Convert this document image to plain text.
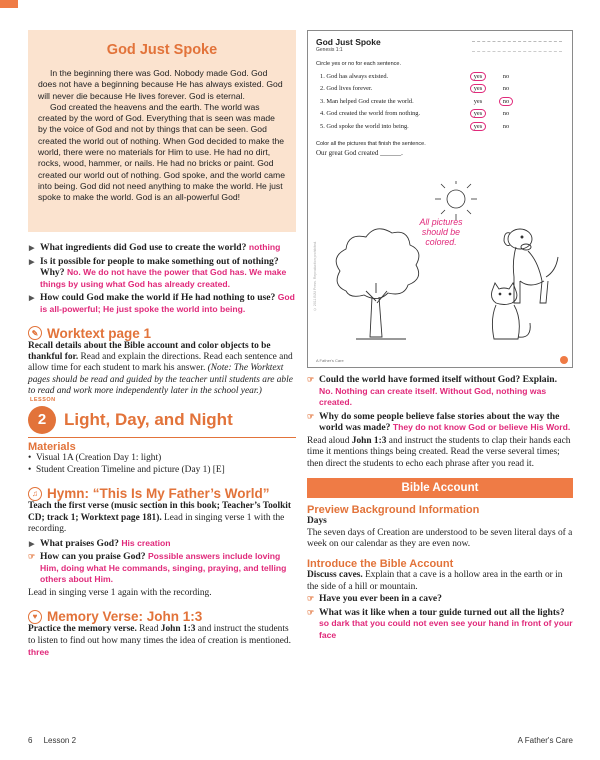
God Just Spoke

In the beginning there was God. Nobody made God. God does not have a beginning because He has always existed. God will never die because He lives forever. God is eternal.

God created the heavens and the earth. The world was created by the word of God. Everything that is seen was made by the voice of God and not by things that can be seen. God created the world out of nothing. When God decided to make the world, there were no materials for Him to use. He had no dirt, rocks, wood, hammer, or nails. He had no bricks or paint. God created our world out of nothing. God spoke, and the world came into being. God did not need anything to make the world. He just spoke to make the world. God is an all-powerful God!

▶ What ingredients did God use to create the world? nothing
▶ Is it possible for people to make something out of nothing? Why? No. We do not have the power that God has. We make things by using what God has already created.
▶ How could God make the world if He had nothing to use? God is all-powerful; He just spoke the world into being.
✎ Worktext page 1
Recall details about the Bible account and color objects to be thankful for. Read and explain the directions. Read each sentence and allow time for each student to mark his answer. (Note: The Worktext pages should be read and guided by the teacher until students are able to read and work more independently later in the school year.)
LESSON
2 Light, Day, and Night
Materials
• Visual 1A (Creation Day 1: light)
• Student Creation Timeline and picture (Day 1) [E]
♫ Hymn: “This Is My Father’s World”
Teach the first verse (music section in this book; Teacher’s Toolkit CD; track 1; Worktext page 181). Lead in singing verse 1 with the recording.
▶ What praises God? His creation
☞ How can you praise God? Possible answers include loving Him, doing what He commands, singing, praying, and telling others about Him.
Lead in singing verse 1 again with the recording.
♥ Memory Verse: John 1:3
Practice the memory verse. Read John 1:3 and instruct the students to listen to find out how many times the idea of creation is mentioned. three
God Just Spoke
Genesis 1:1
Circle yes or no for each sentence.
1. God has always existed.	yes	no
2. God lives forever.	yes	no
3. Man helped God create the world.	yes	no
4. God created the world from nothing.	yes	no
5. God spoke the world into being.	yes	no
Color all the pictures that finish the sentence.
Our great God created ______.
All pictures should be colored.
© 2011 BJU Press. Reproduction prohibited.
A Father's Care
☞ Could the world have formed itself without God? Explain. No. Nothing can create itself. Without God, nothing was created.
☞ Why do some people believe false stories about the way the world was made? They do not know God or believe His Word.
Read aloud John 1:3 and instruct the students to clap their hands each time it mentions things being created. Read the verse several times; then direct the students to echo each phrase after you read it.
Bible Account
Preview Background Information
Days
The seven days of Creation are understood to be seven literal days of a week on our calendar as they are even now.
Introduce the Bible Account
Discuss caves. Explain that a cave is a hollow area in the earth or in the side of a hill or mountain.
☞ Have you ever been in a cave?
☞ What was it like when a tour guide turned out all the lights? so dark that you could not even see your hand in front of your face
6 Lesson 2	A Father's Care
